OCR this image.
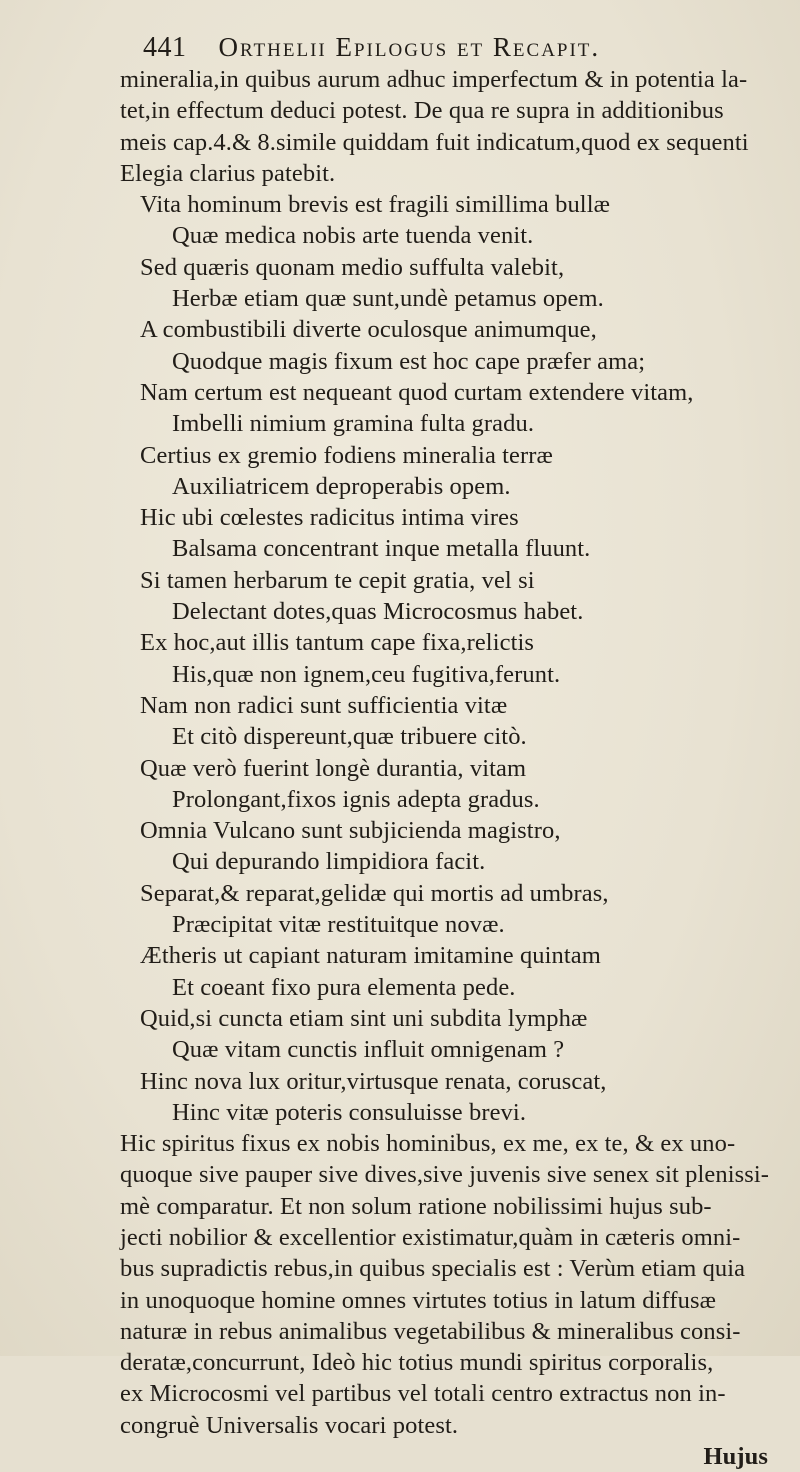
441 Orthelii Epilogus et Recapit.
mineralia,in quibus aurum adhuc imperfectum & in potentia la-
tet,in effectum deduci potest. De qua re supra in additionibus
meis cap.4.& 8.simile quiddam fuit indicatum,quod ex sequenti
Elegia clarius patebit.
Vita hominum brevis est fragili simillima bullæ
Quæ medica nobis arte tuenda venit.
Sed quæris quonam medio suffulta valebit,
Herbæ etiam quæ sunt,undè petamus opem.
A combustibili diverte oculosque animumque,
Quodque magis fixum est hoc cape præfer ama;
Nam certum est nequeant quod curtam extendere vitam,
Imbelli nimium gramina fulta gradu.
Certius ex gremio fodiens mineralia terræ
Auxiliatricem deproperabis opem.
Hic ubi cœlestes radicitus intima vires
Balsama concentrant inque metalla fluunt.
Si tamen herbarum te cepit gratia, vel si
Delectant dotes,quas Microcosmus habet.
Ex hoc,aut illis tantum cape fixa,relictis
His,quæ non ignem,ceu fugitiva,ferunt.
Nam non radici sunt sufficientia vitæ
Et citò dispereunt,quæ tribuere citò.
Quæ verò fuerint longè durantia, vitam
Prolongant,fixos ignis adepta gradus.
Omnia Vulcano sunt subjicienda magistro,
Qui depurando limpidiora facit.
Separat,& reparat,gelidæ qui mortis ad umbras,
Præcipitat vitæ restituitque novæ.
Ætheris ut capiant naturam imitamine quintam
Et coeant fixo pura elementa pede.
Quid,si cuncta etiam sint uni subdita lymphæ
Quæ vitam cunctis influit omnigenam ?
Hinc nova lux oritur,virtusque renata, coruscat,
Hinc vitæ poteris consuluisse brevi.
Hic spiritus fixus ex nobis hominibus, ex me, ex te, & ex uno-
quoque sive pauper sive dives,sive juvenis sive senex sit plenissi-
mè comparatur. Et non solum ratione nobilissimi hujus sub-
jecti nobilior & excellentior existimatur,quàm in cæteris omni-
bus supradictis rebus,in quibus specialis est : Verùm etiam quia
in unoquoque homine omnes virtutes totius in latum diffusæ
naturæ in rebus animalibus vegetabilibus & mineralibus consi-
deratæ,concurrunt, Ideò hic totius mundi spiritus corporalis,
ex Microcosmi vel partibus vel totali centro extractus non in-
congruè Universalis vocari potest.
Hujus
